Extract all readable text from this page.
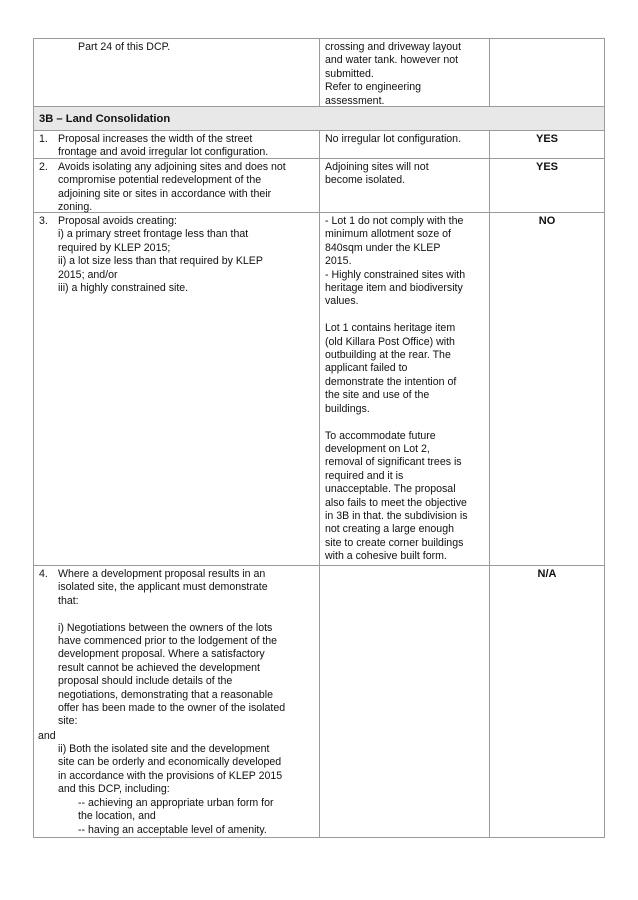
Part 24 of this DCP.	crossing and driveway layout
and water tank. however not
submitted.
Refer to engineering
assessment.
3B – Land Consolidation
1. Proposal increases the width of the street
frontage and avoid irregular lot configuration.
No irregular lot configuration.	YES
2. Avoids isolating any adjoining sites and does not
compromise potential redevelopment of the
adjoining site or sites in accordance with their
zoning.
Adjoining sites will not
become isolated.
YES
3. Proposal avoids creating:
i) a primary street frontage less than that
required by KLEP 2015;
ii) a lot size less than that required by KLEP
2015; and/or
iii) a highly constrained site.
- Lot 1 do not comply with the
minimum allotment soze of
840sqm under the KLEP
2015.
- Highly constrained sites with
heritage item and biodiversity
values.

Lot 1 contains heritage item
(old Killara Post Office) with
outbuilding at the rear. The
applicant failed to
demonstrate the intention of
the site and use of the
buildings.

To accommodate future
development on Lot 2,
removal of significant trees is
required and it is
unacceptable. The proposal
also fails to meet the objective
in 3B in that. the subdivision is
not creating a large enough
site to create corner buildings
with a cohesive built form.
NO
4. Where a development proposal results in an
isolated site, the applicant must demonstrate
that:

i) Negotiations between the owners of the lots
have commenced prior to the lodgement of the
development proposal. Where a satisfactory
result cannot be achieved the development
proposal should include details of the
negotiations, demonstrating that a reasonable
offer has been made to the owner of the isolated
site:
and
ii) Both the isolated site and the development
site can be orderly and economically developed
in accordance with the provisions of KLEP 2015
and this DCP, including:
-- achieving an appropriate urban form for
the location, and
-- having an acceptable level of amenity.
N/A
